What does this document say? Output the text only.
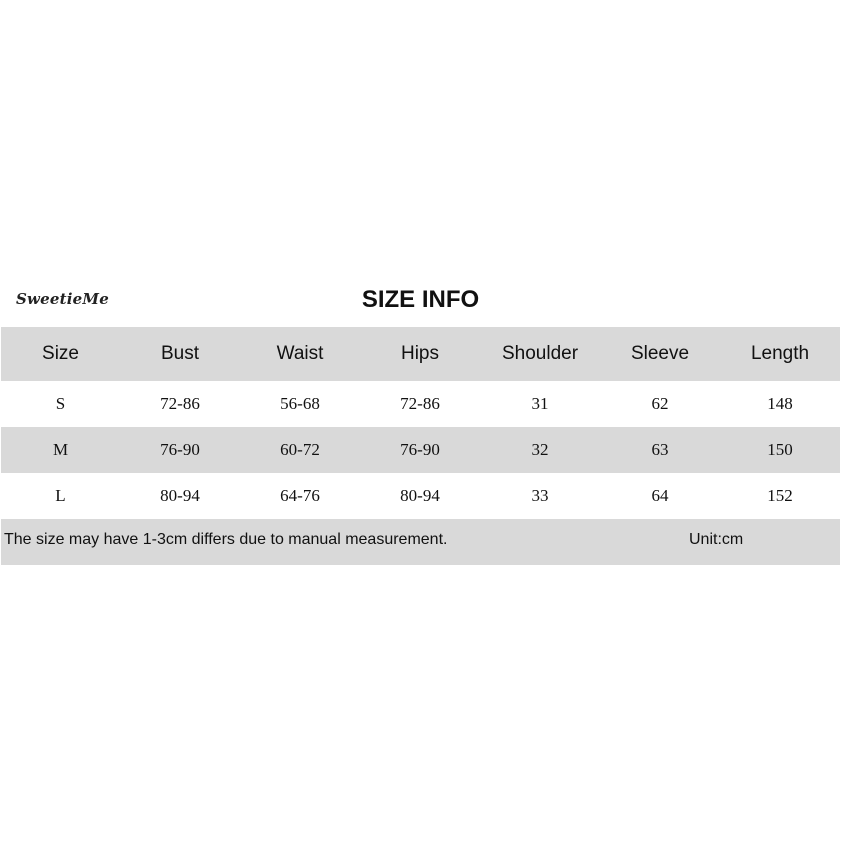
SweetieMe	SIZE INFO
Size	Bust	Waist	Hips	Shoulder	Sleeve	Length
S	72-86	56-68	72-86	31	62	148
M	76-90	60-72	76-90	32	63	150
L	80-94	64-76	80-94	33	64	152
The size may have 1-3cm differs due to manual measurement.	Unit:cm
